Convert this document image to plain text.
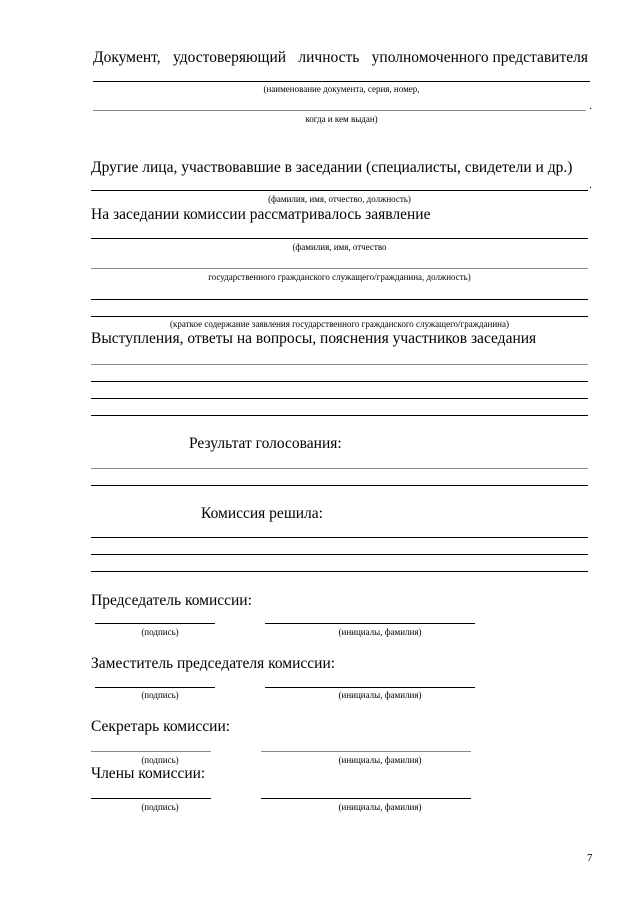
Документ, удостоверяющий личность уполномоченного представителя
(наименование документа, серия, номер,
.
когда и кем выдан)
Другие лица, участвовавшие в заседании (специалисты, свидетели и др.)
.
(фамилия, имя, отчество, должность)
На заседании комиссии рассматривалось заявление
(фамилия, имя, отчество
государственного гражданского служащего/гражданина, должность)
(краткое содержание заявления государственного гражданского служащего/гражданина)
Выступления, ответы на вопросы, пояснения участников заседания
Результат голосования:
Комиссия решила:
Председатель комиссии:
(подпись)	(инициалы, фамилия)
Заместитель председателя комиссии:
(подпись)	(инициалы, фамилия)
Секретарь комиссии:
(подпись)	(инициалы, фамилия)
Члены комиссии:
(подпись)	(инициалы, фамилия)
7
